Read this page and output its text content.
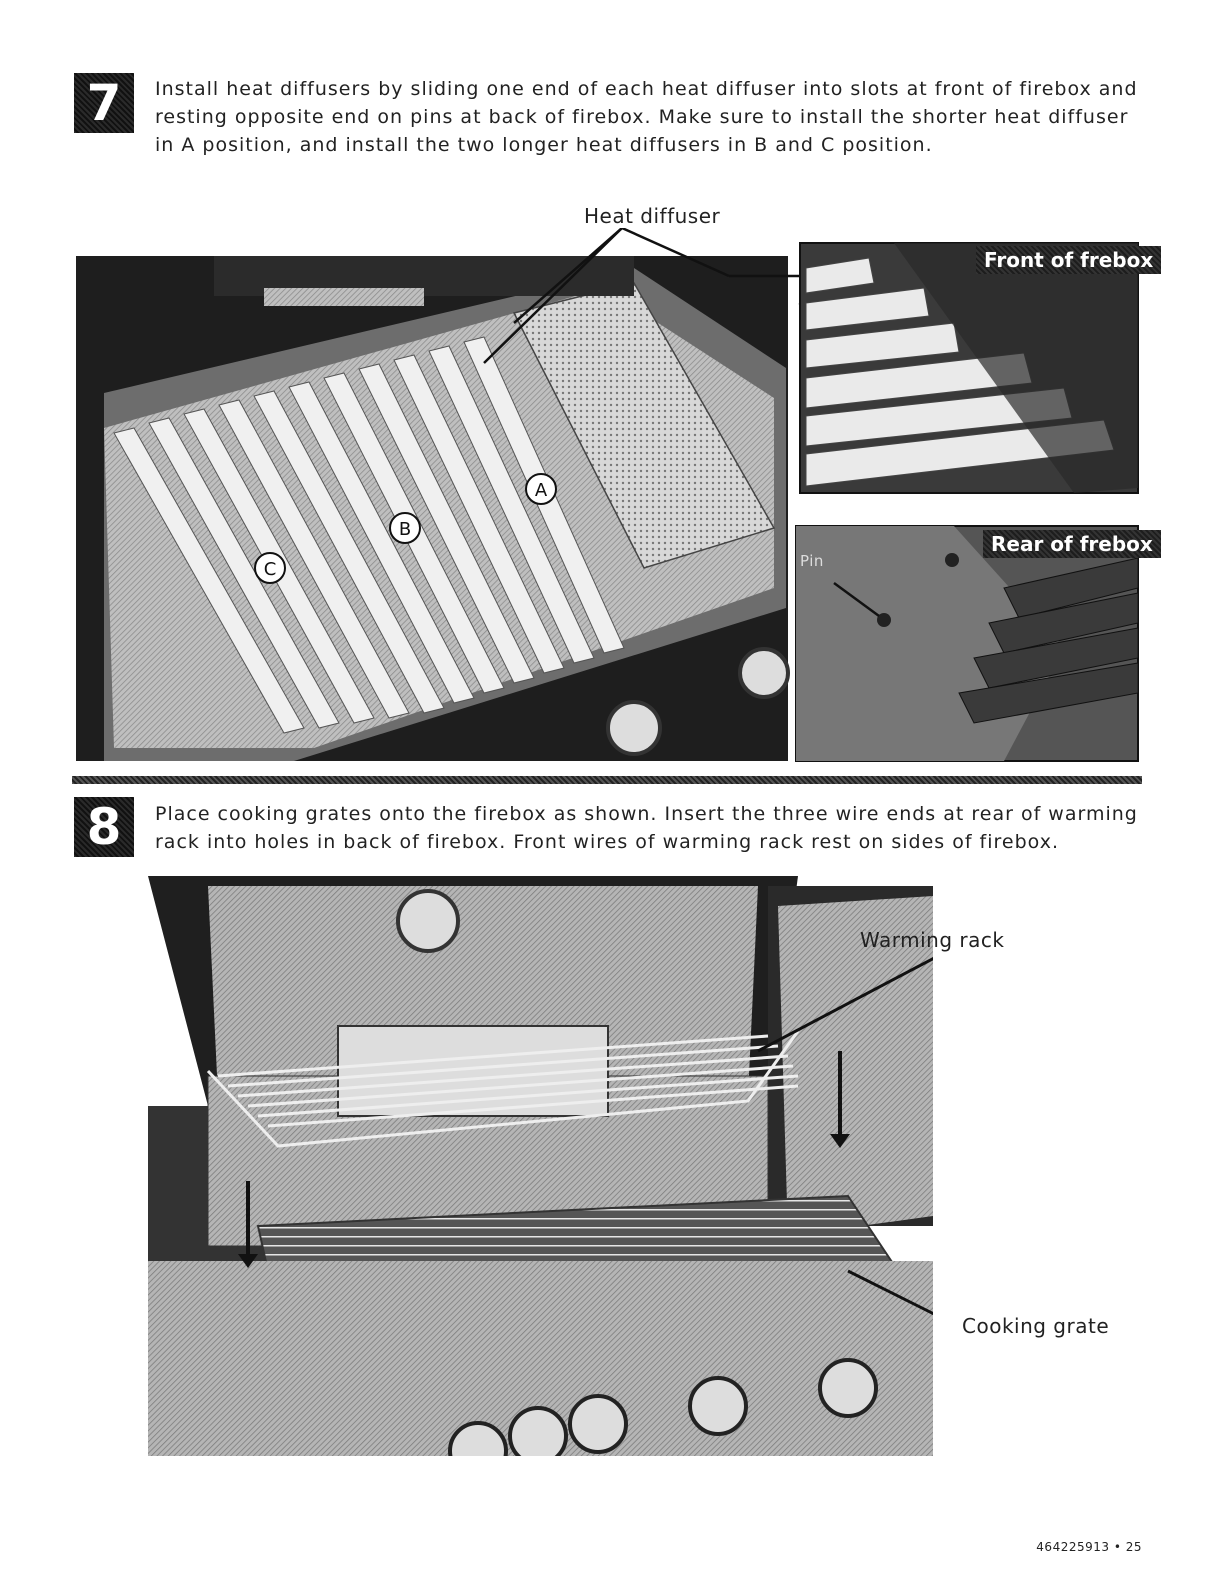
7 Install heat diffusers by sliding one end of each heat diffuser into slots at front of firebox and resting opposite end on pins at back of firebox. Make sure to install the shorter heat diffuser in A position, and install the two longer heat diffusers in B and C position.
Heat diffuser
A
B
C
Front of frebox
Rear of frebox
Pin
8 Place cooking grates onto the firebox as shown. Insert the three wire ends at rear of warming rack into holes in back of firebox. Front wires of warming rack rest on sides of firebox.
Warming rack
Cooking grate
464225913 • 25
